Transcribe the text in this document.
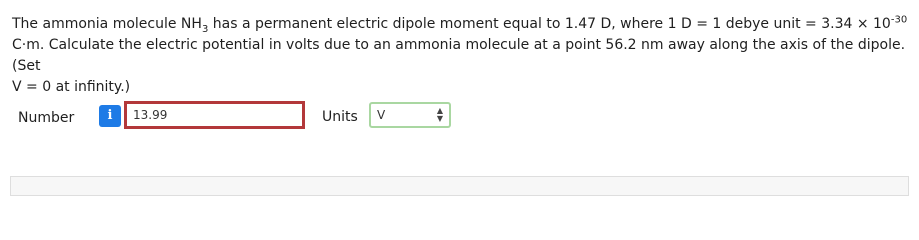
The ammonia molecule $NH_3$ has a permanent electric dipole moment equal to 1.47 D, where 1 D = 1 debye unit = $3.34 \times 10^{-30}$
C·m. Calculate the electric potential in volts due to an ammonia molecule at a point 56.2 nm away along the axis of the dipole. (Set
V = 0 at infinity.)
Number	i	13.99	Units V	▲
▼
